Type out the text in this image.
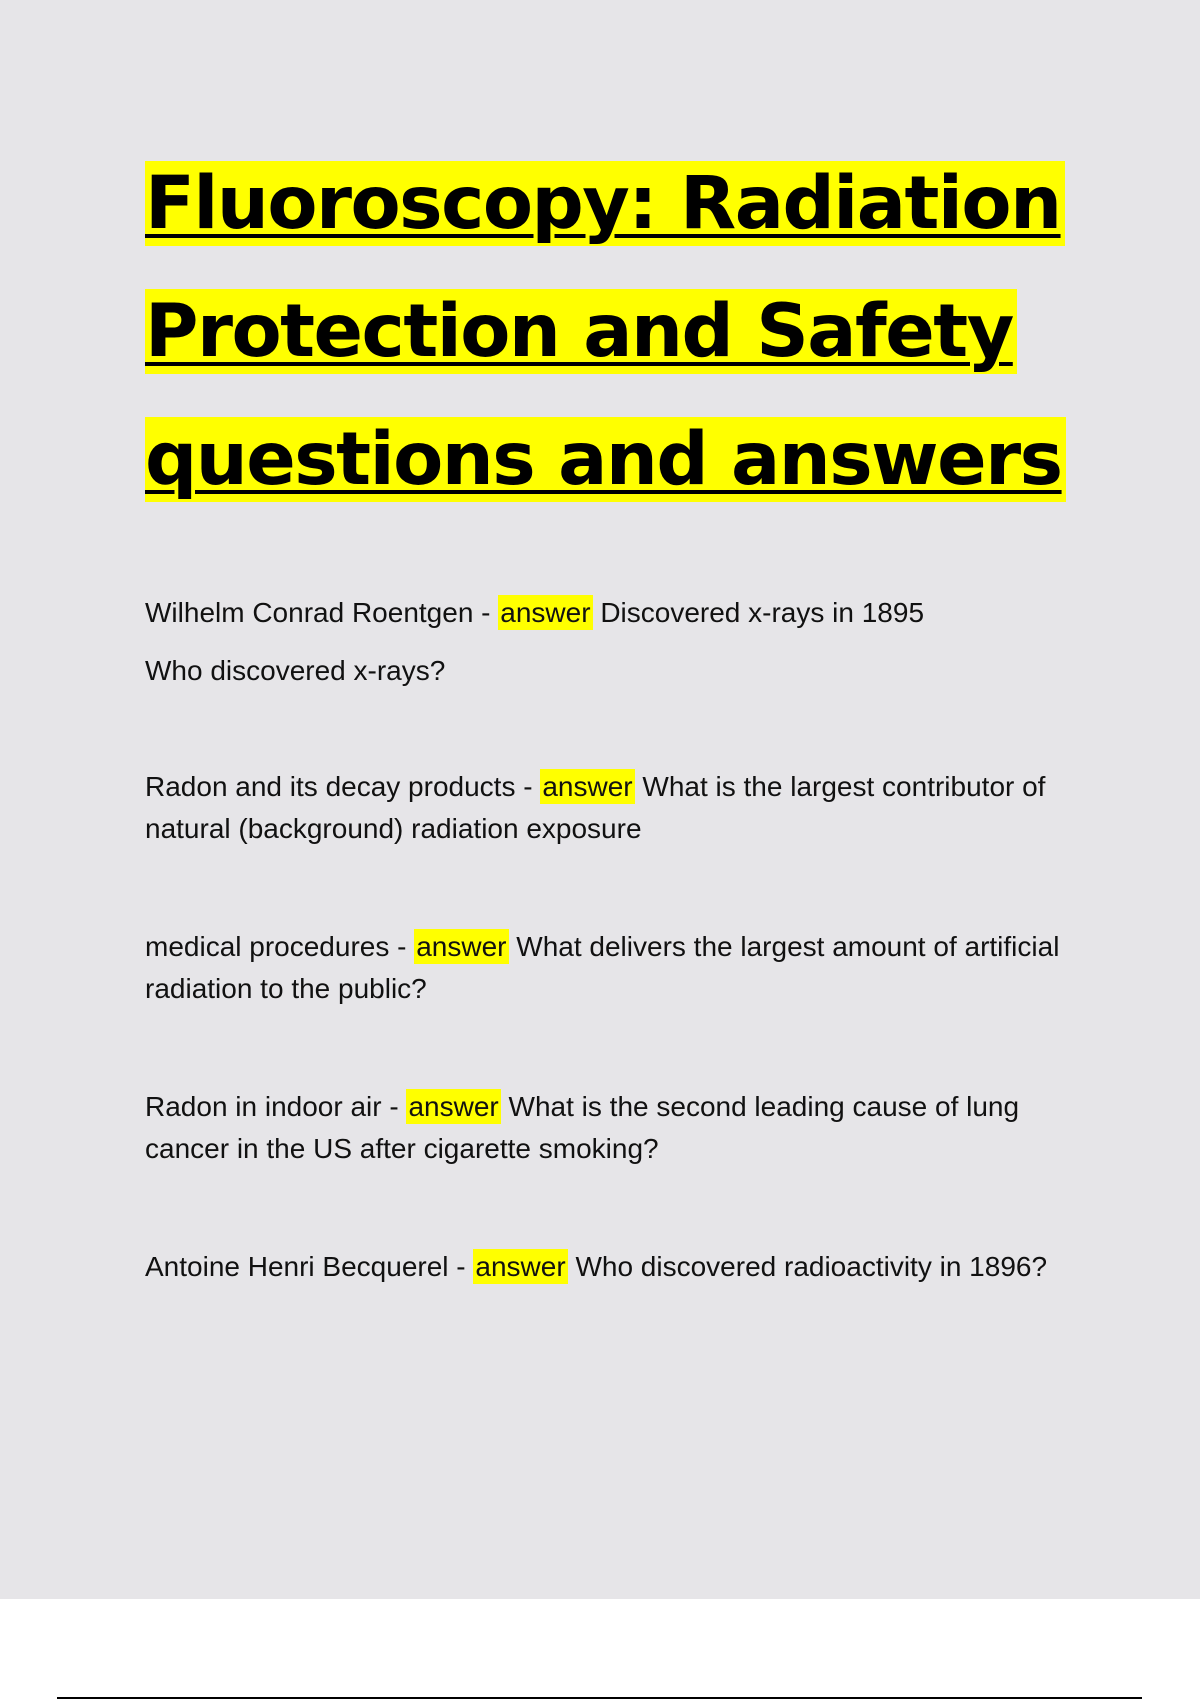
Fluoroscopy: Radiation
Protection and Safety
questions and answers

Wilhelm Conrad Roentgen - answer Discovered x-rays in 1895

Who discovered x-rays?

Radon and its decay products - answer What is the largest contributor of natural (background) radiation exposure

medical procedures - answer What delivers the largest amount of artificial radiation to the public?

Radon in indoor air - answer What is the second leading cause of lung cancer in the US after cigarette smoking?

Antoine Henri Becquerel - answer Who discovered radioactivity in 1896?
